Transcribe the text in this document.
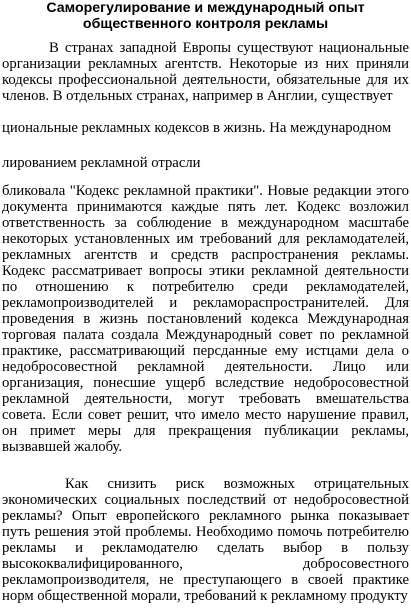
Саморегулирование и международный опыт общественного контроля рекламы

В странах западной Европы существуют национальные организации рекламных агентств. Некоторые из них приняли кодексы профессиональной деятельности, обязательные для их членов. В отдельных странах, например в Англии, существует

циональные рекламных кодексов в жизнь. На международном

лированием рекламной отрасли

бликовала "Кодекс рекламной практики". Новые редакции этого документа принимаются каждые пять лет. Кодекс возложил ответственность за соблюдение в международном масштабе некоторых установленных им требований для рекламодателей, рекламных агентств и средств распространения рекламы. Кодекс рассматривает вопросы этики рекламной деятельности по отношению к потребителю среди рекламодателей, рекламопроизводителей и рекламораспространителей. Для проведения в жизнь постановлений кодекса Международная торговая палата создала Международный совет по рекламной практике, рассматривающий персданные ему истцами дела о недобросовестной рекламной деятельности. Лицо или организация, понесшие ущерб вследствие недобросовестной рекламной деятельности, могут требовать вмешательства совета. Если совет решит, что имело место нарушение правил, он примет меры для прекращения публикации рекламы, вызвавшей жалобу.

Как снизить риск возможных отрицательных экономических социальных последствий от недобросовестной рекламы? Опыт европейского рекламного рынка показывает путь решения этой проблемы. Необходимо помочь потребителю рекламы и рекламодателю сделать выбор в пользу высококвалифицированного, добросовестного рекламопроизводителя, не преступающего в своей практике норм общественной морали, требований к рекламному продукту
